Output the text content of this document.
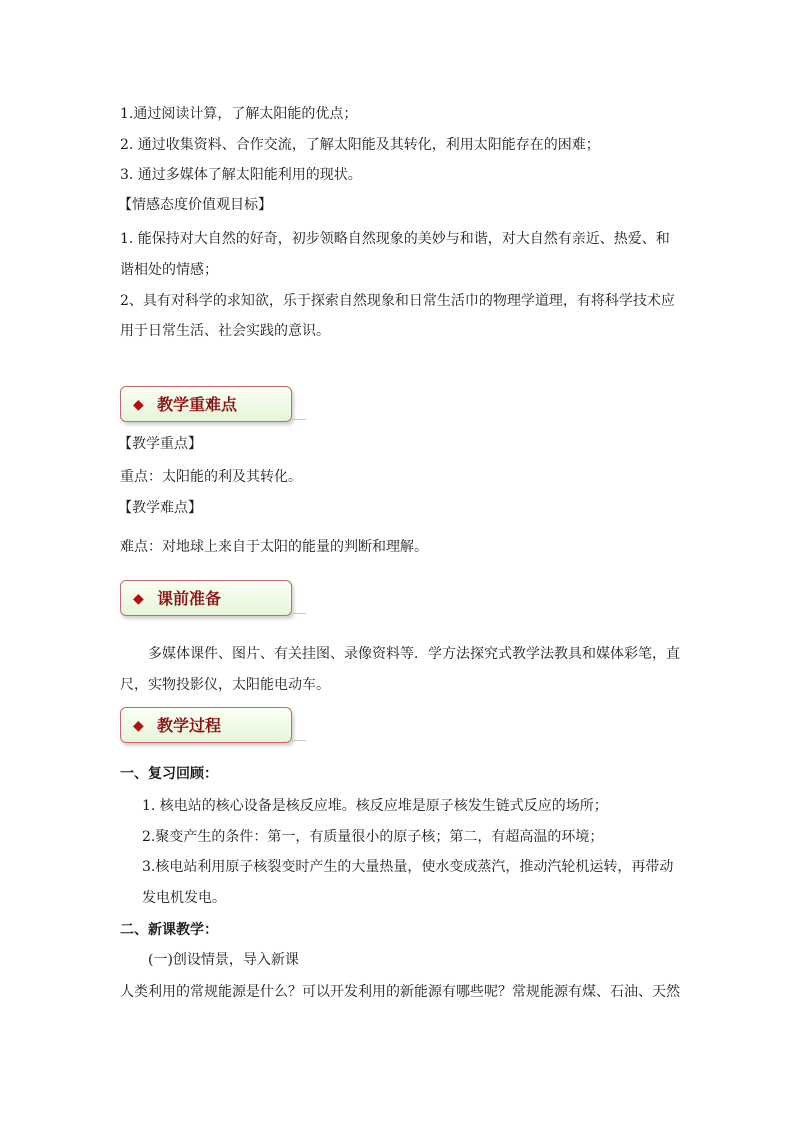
1.通过阅读计算，了解太阳能的优点；
2. 通过收集资料、合作交流，了解太阳能及其转化，利用太阳能存在的困难；
3. 通过多媒体了解太阳能利用的现状。
【情感态度价值观目标】
1. 能保持对大自然的好奇，初步领略自然现象的美妙与和谐，对大自然有亲近、热爱、和
谐相处的情感；
2、具有对科学的求知欲，乐于探索自然现象和日常生活巾的物理学道理，有将科学技术应
用于日常生活、社会实践的意识。
◆ 教学重难点
【教学重点】
重点：太阳能的利及其转化。
【教学难点】
难点：对地球上来自于太阳的能量的判断和理解。
◆ 课前准备
多媒体课件、图片、有关挂图、录像资料等．学方法探究式教学法教具和媒体彩笔，直
尺，实物投影仪，太阳能电动车。
◆ 教学过程
一、复习回顾：
1. 核电站的核心设备是核反应堆。核反应堆是原子核发生链式反应的场所；
2.聚变产生的条件：第一，有质量很小的原子核；第二，有超高温的环境；
3.核电站利用原子核裂变时产生的大量热量，使水变成蒸汽，推动汽轮机运转，再带动
发电机发电。
二、新课教学：
(一)创设情景，导入新课
人类利用的常规能源是什么？可以开发利用的新能源有哪些呢？常规能源有煤、石油、天然
